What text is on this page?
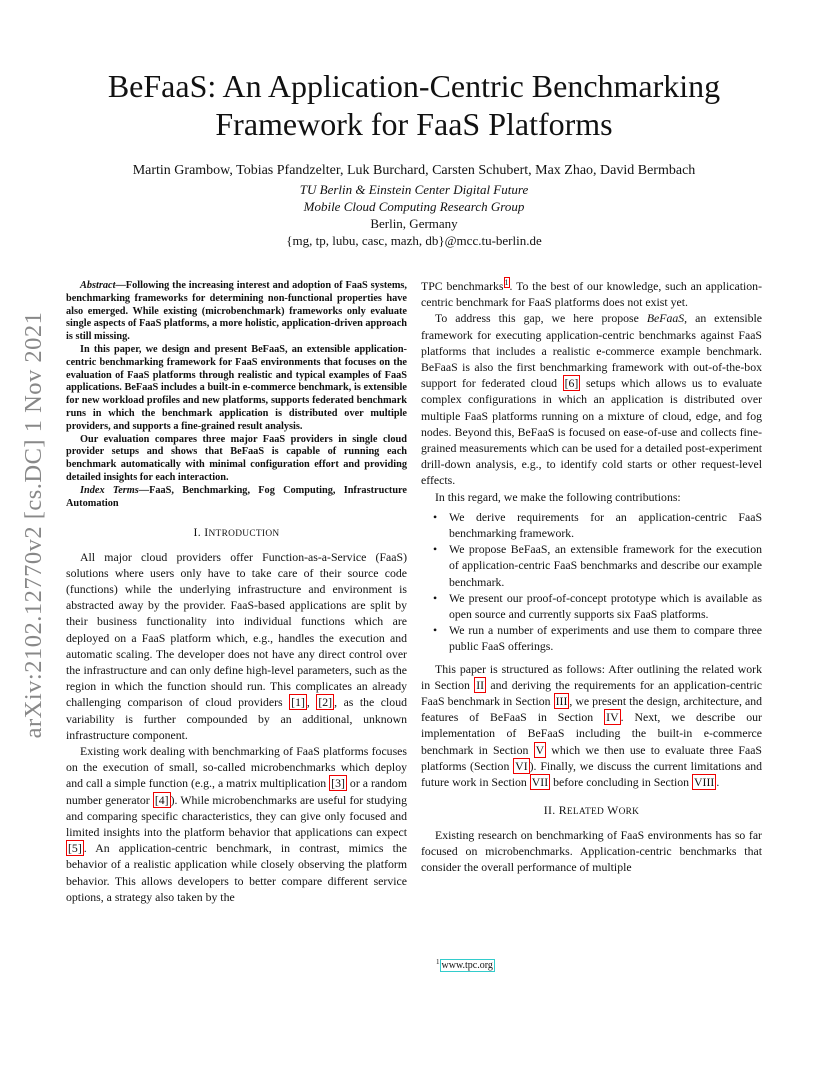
BeFaaS: An Application-Centric Benchmarking
Framework for FaaS Platforms
Martin Grambow, Tobias Pfandzelter, Luk Burchard, Carsten Schubert, Max Zhao, David Bermbach
TU Berlin & Einstein Center Digital Future
Mobile Cloud Computing Research Group
Berlin, Germany
{mg, tp, lubu, casc, mazh, db}@mcc.tu-berlin.de
arXiv:2102.12770v2 [cs.DC] 1 Nov 2021

Abstract—Following the increasing interest and adoption of FaaS systems, benchmarking frameworks for determining non-functional properties have also emerged. While existing (microbenchmark) frameworks only evaluate single aspects of FaaS platforms, a more holistic, application-driven approach is still missing.

In this paper, we design and present BeFaaS, an extensible application-centric benchmarking framework for FaaS environments that focuses on the evaluation of FaaS platforms through realistic and typical examples of FaaS applications. BeFaaS includes a built-in e-commerce benchmark, is extensible for new workload profiles and new platforms, supports federated benchmark runs in which the benchmark application is distributed over multiple providers, and supports a fine-grained result analysis.

Our evaluation compares three major FaaS providers in single cloud provider setups and shows that BeFaaS is capable of running each benchmark automatically with minimal configuration effort and providing detailed insights for each interaction.

Index Terms—FaaS, Benchmarking, Fog Computing, Infrastructure Automation

I. INTRODUCTION

All major cloud providers offer Function-as-a-Service (FaaS) solutions where users only have to take care of their source code (functions) while the underlying infrastructure and environment is abstracted away by the provider. FaaS-based applications are split by their business functionality into individual functions which are deployed on a FaaS platform which, e.g., handles the execution and automatic scaling. The developer does not have any direct control over the infrastructure and can only define high-level parameters, such as the region in which the function should run. This complicates an already challenging comparison of cloud providers [1] , [2] , as the cloud variability is further compounded by an additional, unknown infrastructure component.

Existing work dealing with benchmarking of FaaS platforms focuses on the execution of small, so-called microbenchmarks which deploy and call a simple function (e.g., a matrix multiplication [3] or a random number generator [4] ). While microbenchmarks are useful for studying and comparing specific characteristics, they can give only focused and limited insights into the platform behavior that applications can expect [5] . An application-centric benchmark, in contrast, mimics the behavior of a realistic application while closely observing the platform behavior. This allows developers to better compare different service options, a strategy also taken by the

TPC benchmarks$^1$. To the best of our knowledge, such an application-centric benchmark for FaaS platforms does not exist yet.

To address this gap, we here propose BeFaaS, an extensible framework for executing application-centric benchmarks against FaaS platforms that includes a realistic e-commerce example benchmark. BeFaaS is also the first benchmarking framework with out-of-the-box support for federated cloud [6] setups which allows us to evaluate complex configurations in which an application is distributed over multiple FaaS platforms running on a mixture of cloud, edge, and fog nodes. Beyond this, BeFaaS is focused on ease-of-use and collects fine-grained measurements which can be used for a detailed post-experiment drill-down analysis, e.g., to identify cold starts or other request-level effects.

In this regard, we make the following contributions:

• We derive requirements for an application-centric FaaS benchmarking framework.
• We propose BeFaaS, an extensible framework for the execution of application-centric FaaS benchmarks and describe our example benchmark.
• We present our proof-of-concept prototype which is available as open source and currently supports six FaaS platforms.
• We run a number of experiments and use them to compare three public FaaS offerings.

This paper is structured as follows: After outlining the related work in Section II and deriving the requirements for an application-centric FaaS benchmark in Section III , we present the design, architecture, and features of BeFaaS in Section IV . Next, we describe our implementation of BeFaaS including the built-in e-commerce benchmark in Section V which we then use to evaluate three FaaS platforms (Section VI ). Finally, we discuss the current limitations and future work in Section VII before concluding in Section VIII .

II. RELATED WORK

Existing research on benchmarking of FaaS environments has so far focused on microbenchmarks. Application-centric benchmarks that consider the overall performance of multiple

$^1$ www.tpc.org
